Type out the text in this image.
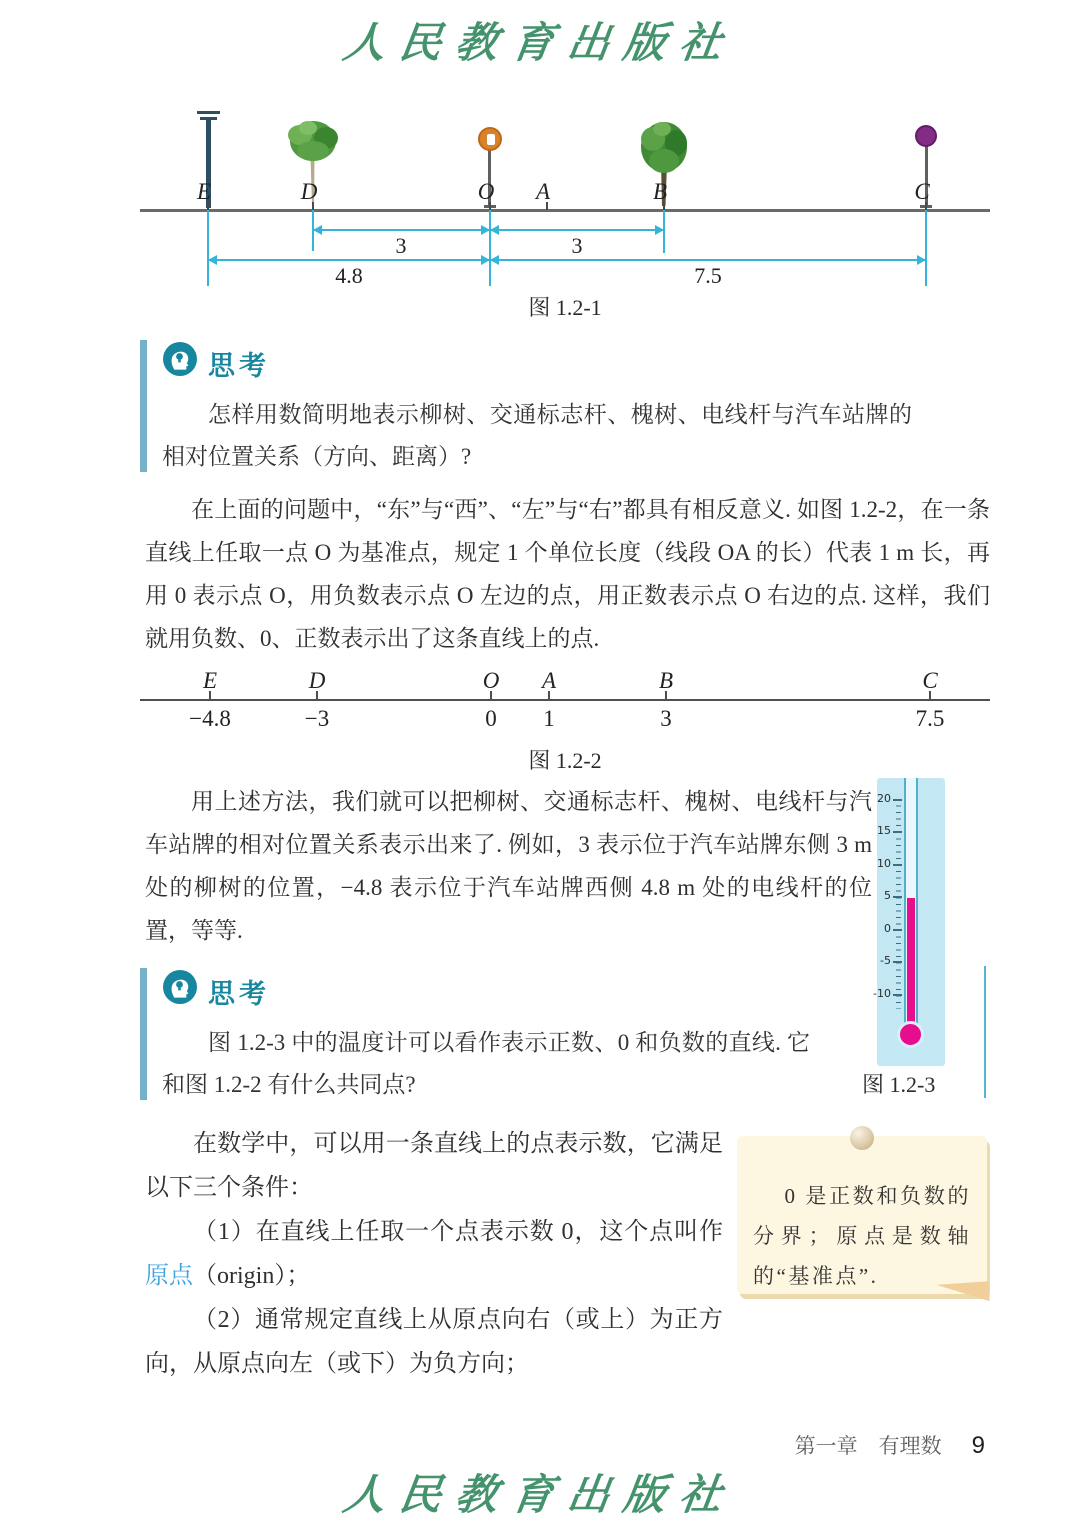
人民教育出版社
E	D	O	A	B	C
3	3
4.8	7.5
图 1.2-1
思考
怎样用数简明地表示柳树、交通标志杆、槐树、电线杆与汽车站牌的相对位置关系（方向、距离）?

在上面的问题中，“东”与“西”、“左”与“右”都具有相反意义. 如图 1.2-2，在一条直线上任取一点 O 为基准点，规定 1 个单位长度（线段 OA 的长）代表 1 m 长，再用 0 表示点 O，用负数表示点 O 左边的点，用正数表示点 O 右边的点. 这样，我们就用负数、0、正数表示出了这条直线上的点.

E	D	O	A	B	C
−4.8	−3	0	1	3	7.5
图 1.2-2

用上述方法，我们就可以把柳树、交通标志杆、槐树、电线杆与汽车站牌的相对位置关系表示出来了. 例如，3 表示位于汽车站牌东侧 3 m 处的柳树的位置，−4.8 表示位于汽车站牌西侧 4.8 m 处的电线杆的位置，等等.

20
15
10
5
0
-5
-10
图 1.2-3
思考
图 1.2-3 中的温度计可以看作表示正数、0 和负数的直线. 它和图 1.2-2 有什么共同点?

在数学中，可以用一条直线上的点表示数，它满足以下三个条件：

（1）在直线上任取一个点表示数 0，这个点叫作原点（origin）；

（2）通常规定直线上从原点向右（或上）为正方向，从原点向左（或下）为负方向；

0 是正数和负数的分界；原点是数轴的“基准点”.
第一章　有理数 9
人民教育出版社
